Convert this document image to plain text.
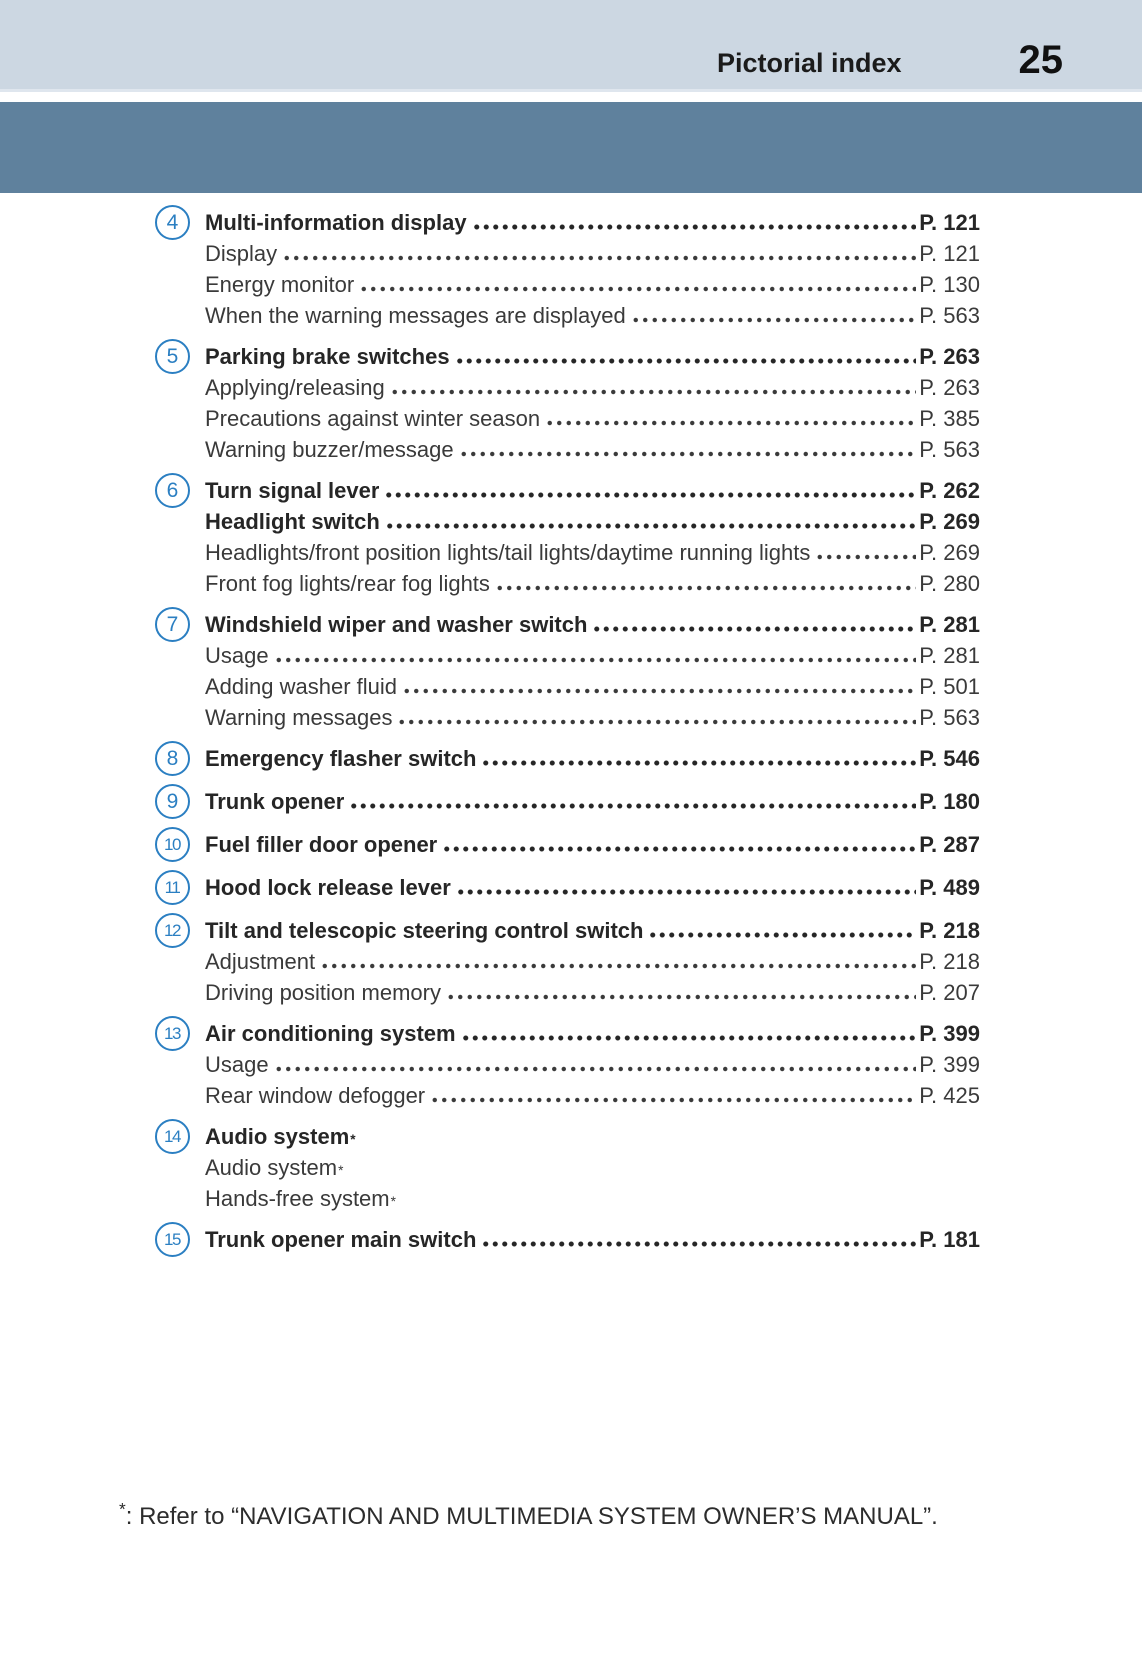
Pictorial index	25
4	Multi-information display	P. 121
Display	P. 121
Energy monitor	P. 130
When the warning messages are displayed	P. 563
5	Parking brake switches	P. 263
Applying/releasing	P. 263
Precautions against winter season	P. 385
Warning buzzer/message	P. 563
6	Turn signal lever	P. 262
Headlight switch	P. 269
Headlights/front position lights/tail lights/daytime running lights	P. 269
Front fog lights/rear fog lights	P. 280
7	Windshield wiper and washer switch	P. 281
Usage	P. 281
Adding washer fluid	P. 501
Warning messages	P. 563
8	Emergency flasher switch	P. 546
9	Trunk opener	P. 180
10	Fuel filler door opener	P. 287
11	Hood lock release lever	P. 489
12	Tilt and telescopic steering control switch	P. 218
Adjustment	P. 218
Driving position memory	P. 207
13	Air conditioning system	P. 399
Usage	P. 399
Rear window defogger	P. 425
14	Audio system *
Audio system *
Hands-free system *
15	Trunk opener main switch	P. 181
*: Refer to “NAVIGATION AND MULTIMEDIA SYSTEM OWNER’S MANUAL”.
